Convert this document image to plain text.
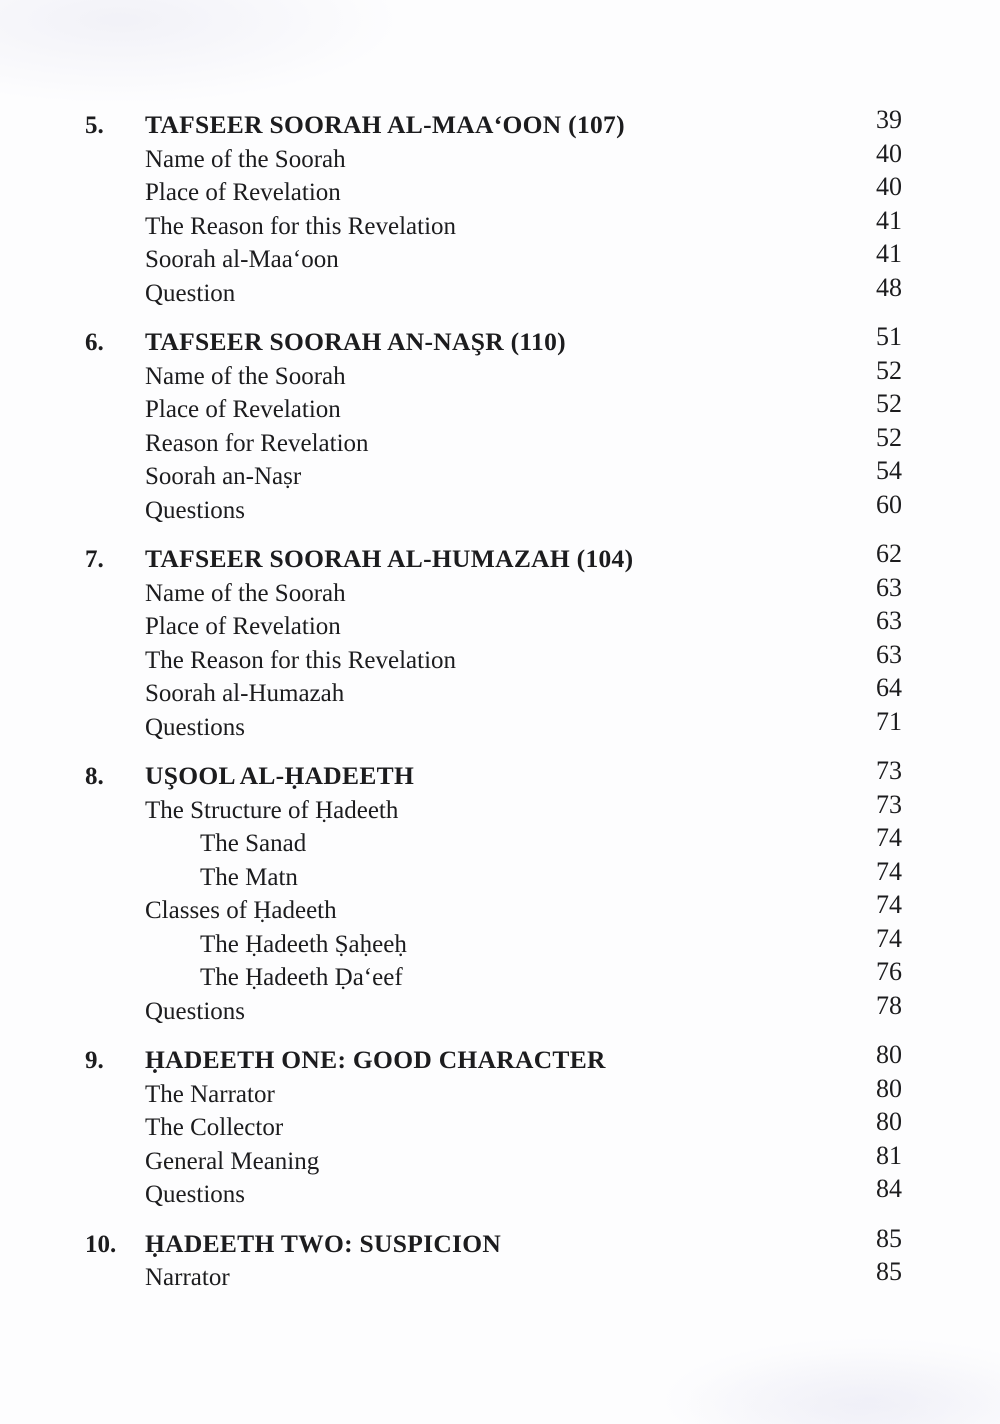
5.	TAFSEER SOORAH AL-MAA‘OON (107)	39
Name of the Soorah	40
Place of Revelation	40
The Reason for this Revelation	41
Soorah al-Maa‘oon	41
Question	48
6.	TAFSEER SOORAH AN-NAŞR (110)	51
Name of the Soorah	52
Place of Revelation	52
Reason for Revelation	52
Soorah an-Naṣr	54
Questions	60
7.	TAFSEER SOORAH AL-HUMAZAH (104)	62
Name of the Soorah	63
Place of Revelation	63
The Reason for this Revelation	63
Soorah al-Humazah	64
Questions	71
8.	UŞOOL AL-ḤADEETH	73
The Structure of Ḥadeeth	73
The Sanad	74
The Matn	74
Classes of Ḥadeeth	74
The Ḥadeeth Ṣaḥeeḥ	74
The Ḥadeeth Ḍa‘eef	76
Questions	78
9.	ḤADEETH ONE: GOOD CHARACTER	80
The Narrator	80
The Collector	80
General Meaning	81
Questions	84
10.	ḤADEETH TWO: SUSPICION	85
Narrator	85
